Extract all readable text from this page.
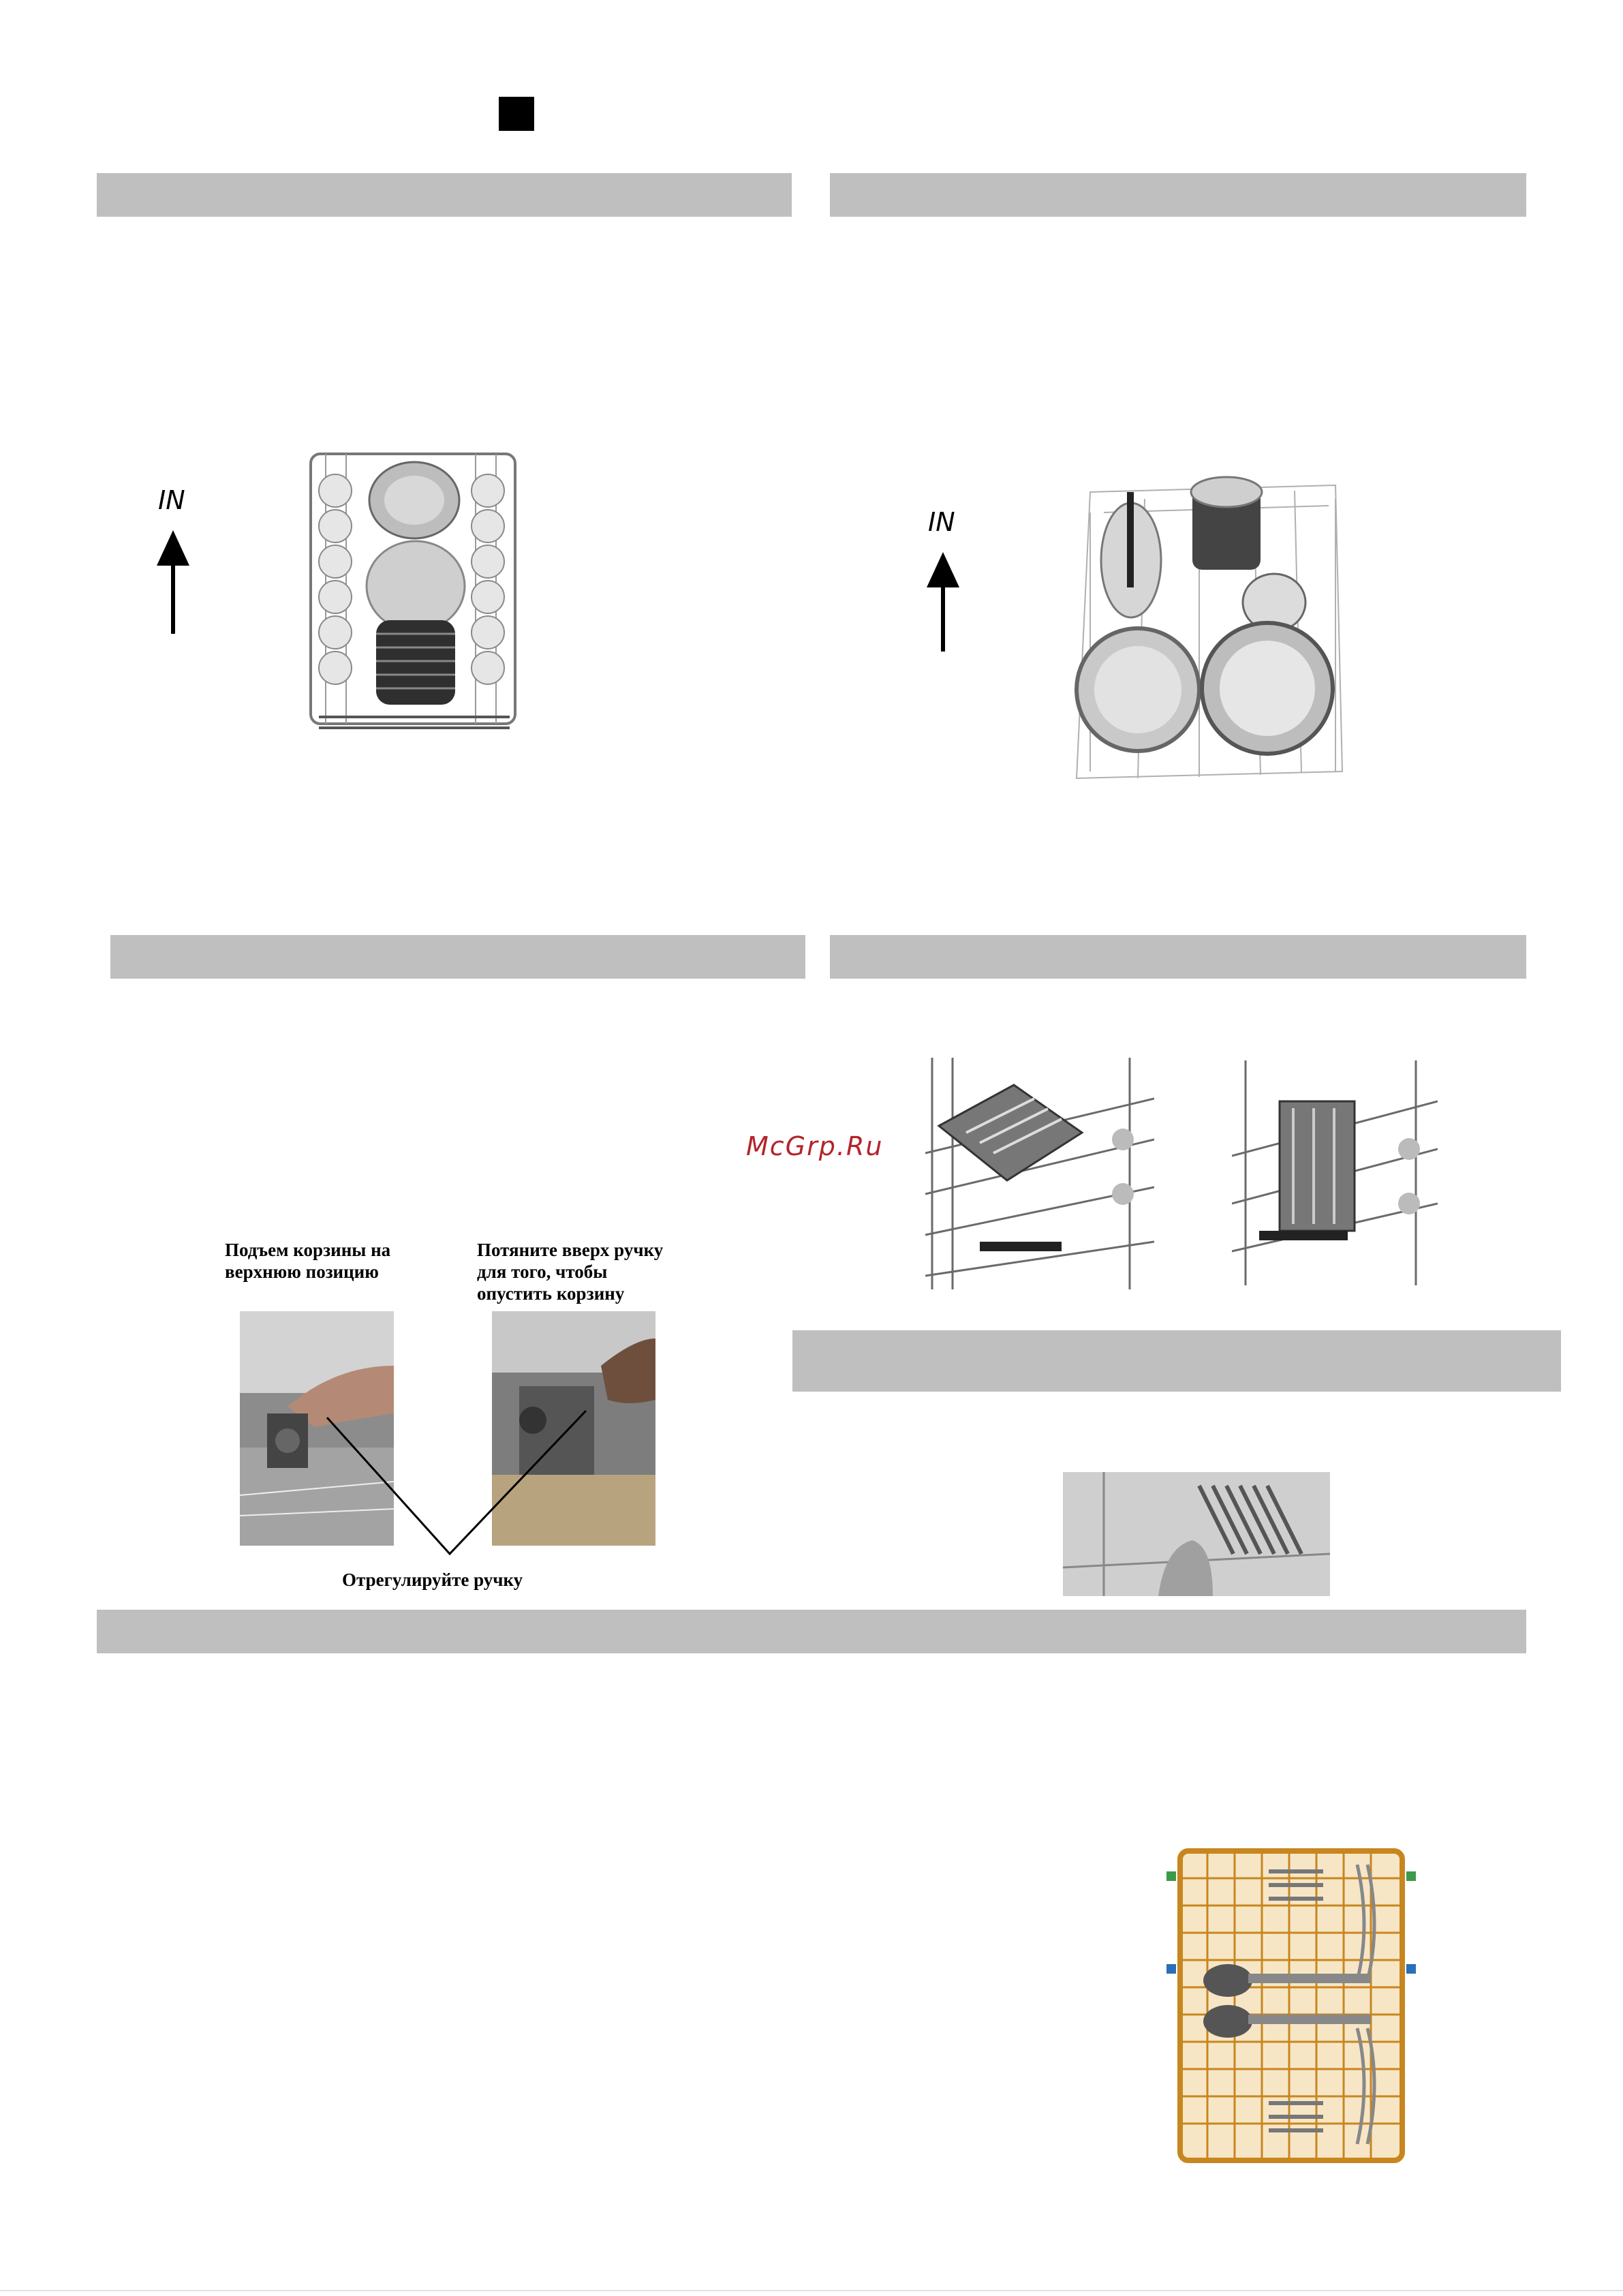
IN
IN
Подъем корзины на
верхнюю позицию
Потяните вверх ручку
для того, чтобы
опустить корзину
Отрегулируйте ручку
McGrp.Ru
